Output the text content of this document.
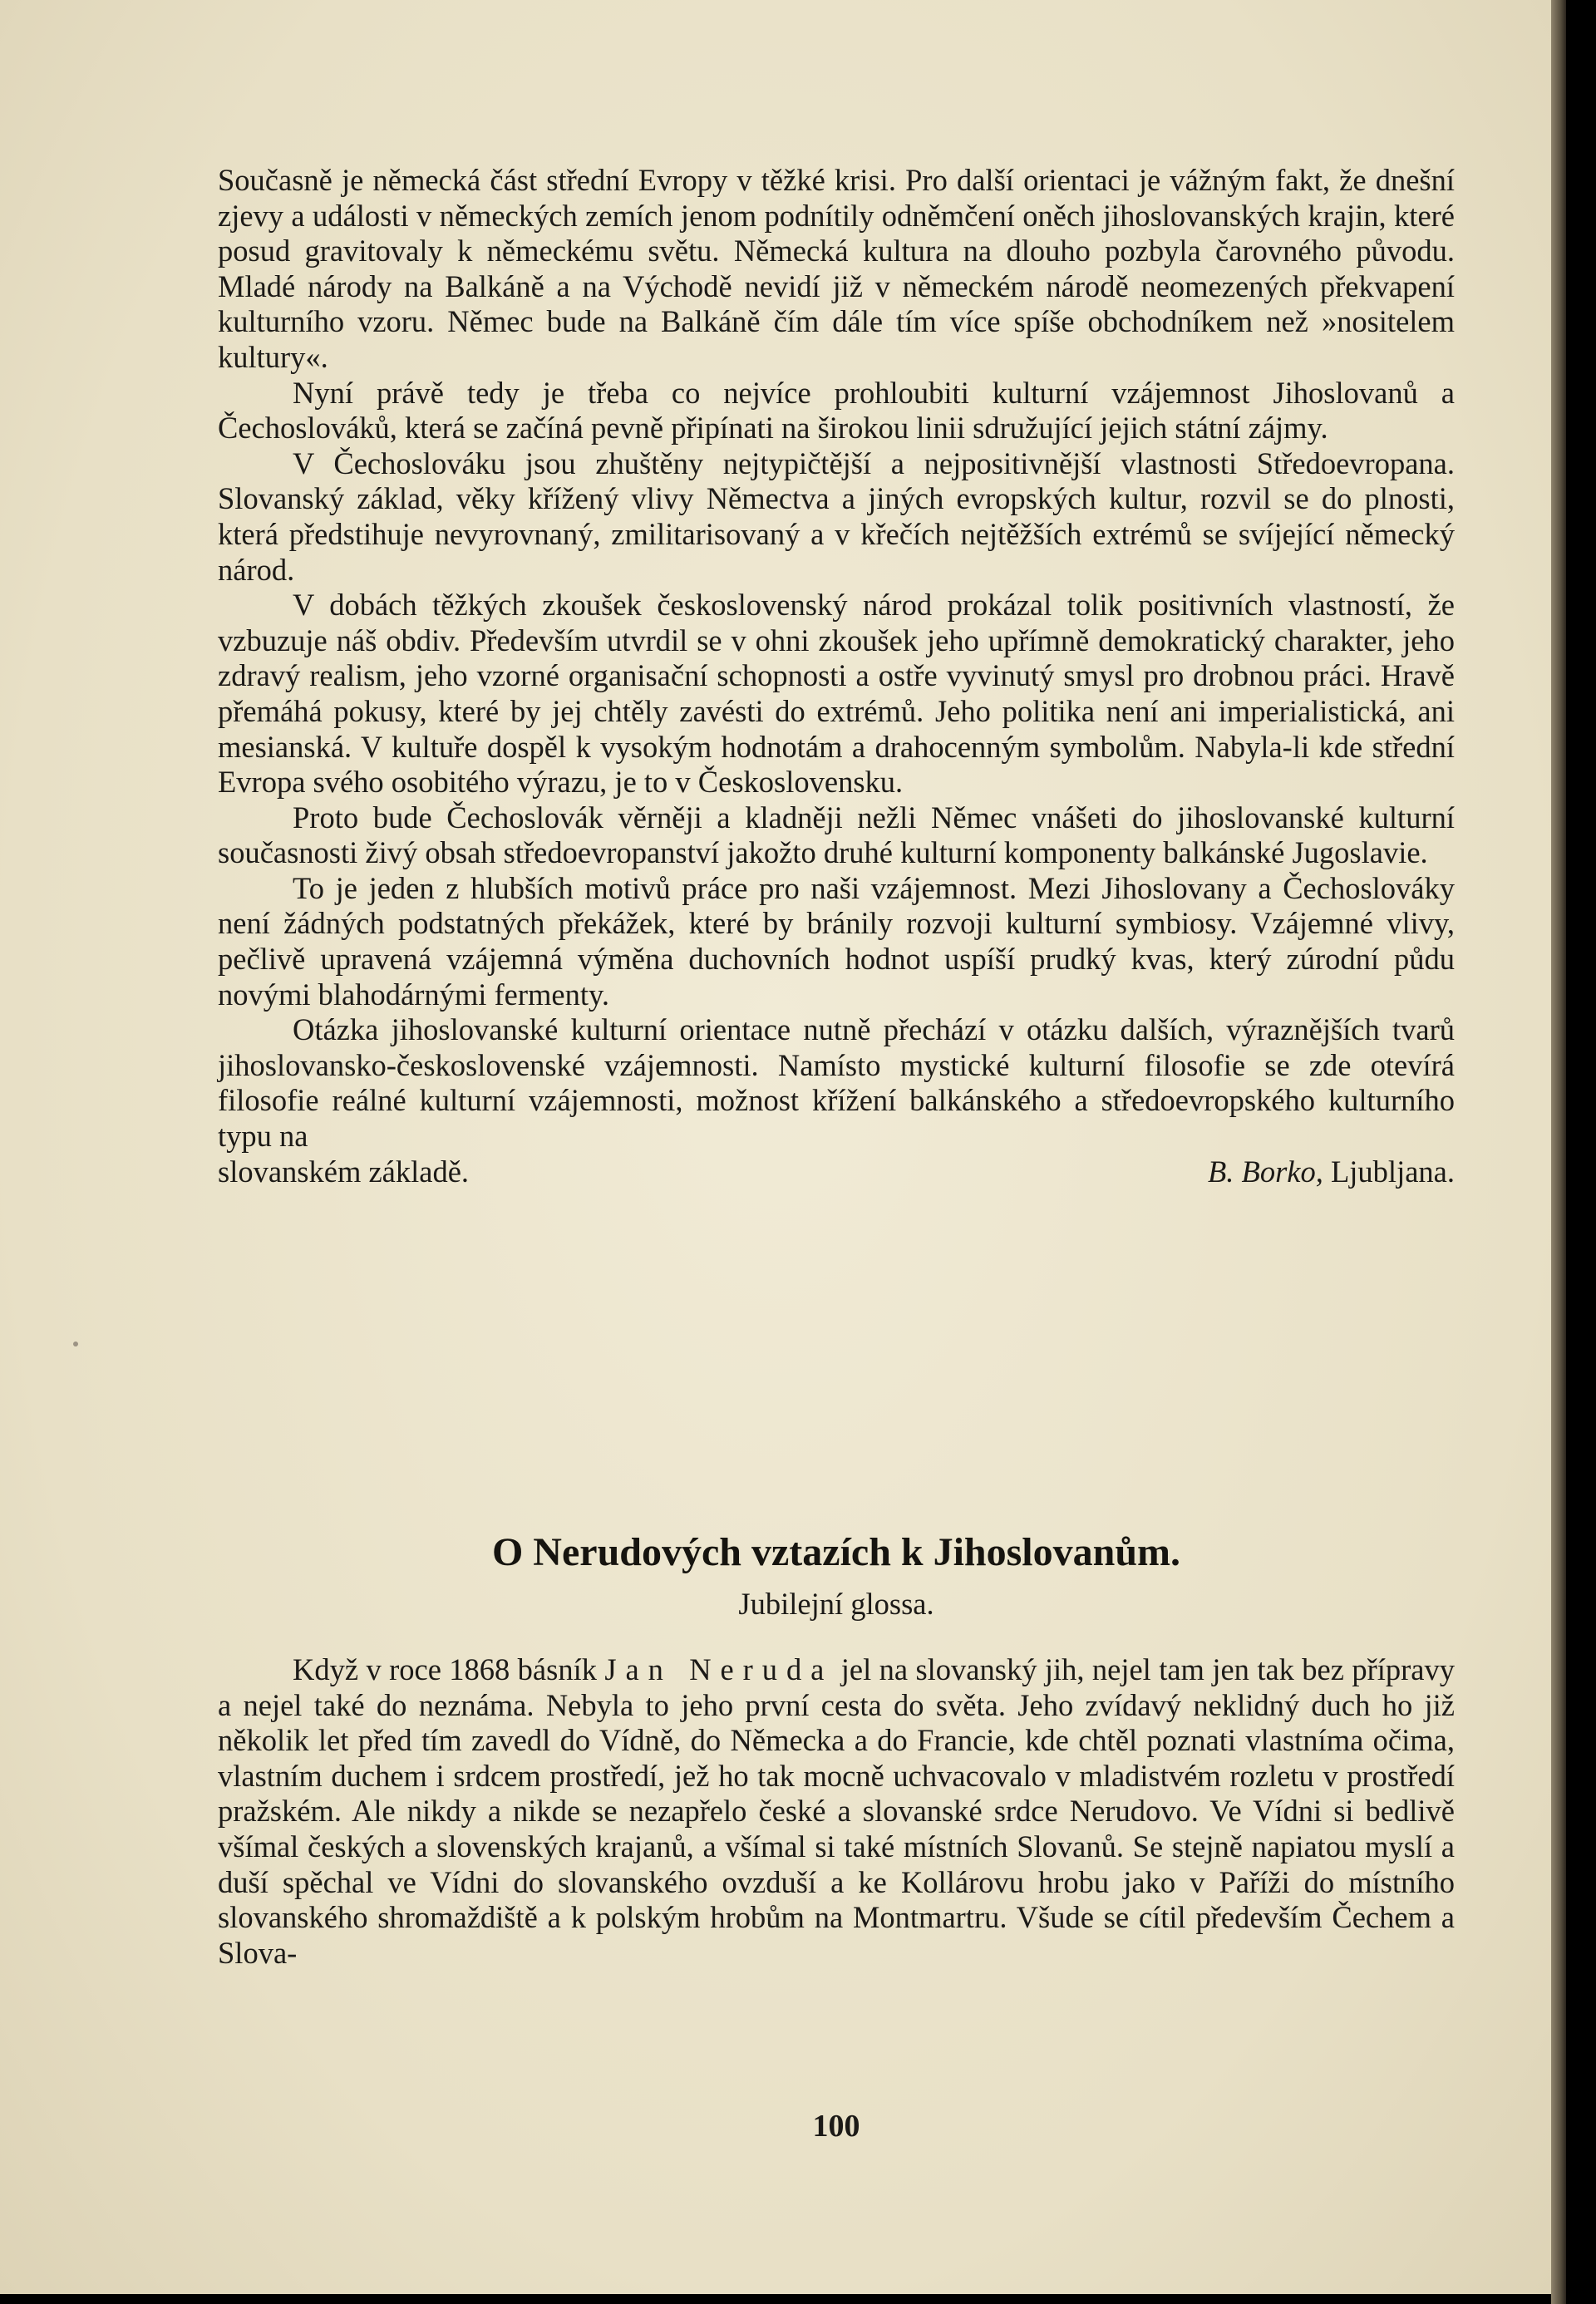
Současně je německá část střední Evropy v těžké krisi. Pro další orientaci je vážným fakt, že dnešní zjevy a události v německých zemích jenom podnítily odněmčení oněch jihoslovanských krajin, které posud gravitovaly k německému světu. Německá kultura na dlouho pozbyla čarovného původu. Mladé národy na Balkáně a na Východě nevidí již v německém národě neomezených překvapení kulturního vzoru. Němec bude na Balkáně čím dále tím více spíše obchodníkem než »nositelem kultury«.

Nyní právě tedy je třeba co nejvíce prohloubiti kulturní vzájemnost Jihoslovanů a Čechoslováků, která se začíná pevně připínati na širokou linii sdružující jejich státní zájmy.

V Čechoslováku jsou zhuštěny nejtypičtější a nejpositivnější vlastnosti Středoevropana. Slovanský základ, věky křížený vlivy Němectva a jiných evropských kultur, rozvil se do plnosti, která předstihuje nevyrovnaný, zmilitarisovaný a v křečích nejtěžších extrémů se svíjející německý národ.

V dobách těžkých zkoušek československý národ prokázal tolik positivních vlastností, že vzbuzuje náš obdiv. Především utvrdil se v ohni zkoušek jeho upřímně demokratický charakter, jeho zdravý realism, jeho vzorné organisační schopnosti a ostře vyvinutý smysl pro drobnou práci. Hravě přemáhá pokusy, které by jej chtěly zavésti do extrémů. Jeho politika není ani imperialistická, ani mesianská. V kultuře dospěl k vysokým hodnotám a drahocenným symbolům. Nabyla-li kde střední Evropa svého osobitého výrazu, je to v Československu.

Proto bude Čechoslovák věrněji a kladněji nežli Němec vnášeti do jihoslovanské kulturní současnosti živý obsah středoevropanství jakožto druhé kulturní komponenty balkánské Jugoslavie.

To je jeden z hlubších motivů práce pro naši vzájemnost. Mezi Jihoslovany a Čechoslováky není žádných podstatných překážek, které by bránily rozvoji kulturní symbiosy. Vzájemné vlivy, pečlivě upravená vzájemná výměna duchovních hodnot uspíší prudký kvas, který zúrodní půdu novými blahodárnými fermenty.

Otázka jihoslovanské kulturní orientace nutně přechází v otázku dalších, výraznějších tvarů jihoslovansko-československé vzájemnosti. Namísto mystické kulturní filosofie se zde otevírá filosofie reálné kulturní vzájemnosti, možnost křížení balkánského a středoevropského kulturního typu na

slovanském základě.	B. Borko, Ljubljana.
O Nerudových vztazích k Jihoslovanům.
Jubilejní glossa.

Když v roce 1868 básník Jan Neruda jel na slovanský jih, nejel tam jen tak bez přípravy a nejel také do neznáma. Nebyla to jeho první cesta do světa. Jeho zvídavý neklidný duch ho již několik let před tím zavedl do Vídně, do Německa a do Francie, kde chtěl poznati vlastníma očima, vlastním duchem i srdcem prostředí, jež ho tak mocně uchvacovalo v mladistvém rozletu v prostředí pražském. Ale nikdy a nikde se nezapřelo české a slovanské srdce Nerudovo. Ve Vídni si bedlivě všímal českých a slovenských krajanů, a všímal si také místních Slovanů. Se stejně napiatou myslí a duší spěchal ve Vídni do slovanského ovzduší a ke Kollárovu hrobu jako v Paříži do místního slovanského shromaždiště a k polským hrobům na Montmartru. Všude se cítil především Čechem a Slova-

100
